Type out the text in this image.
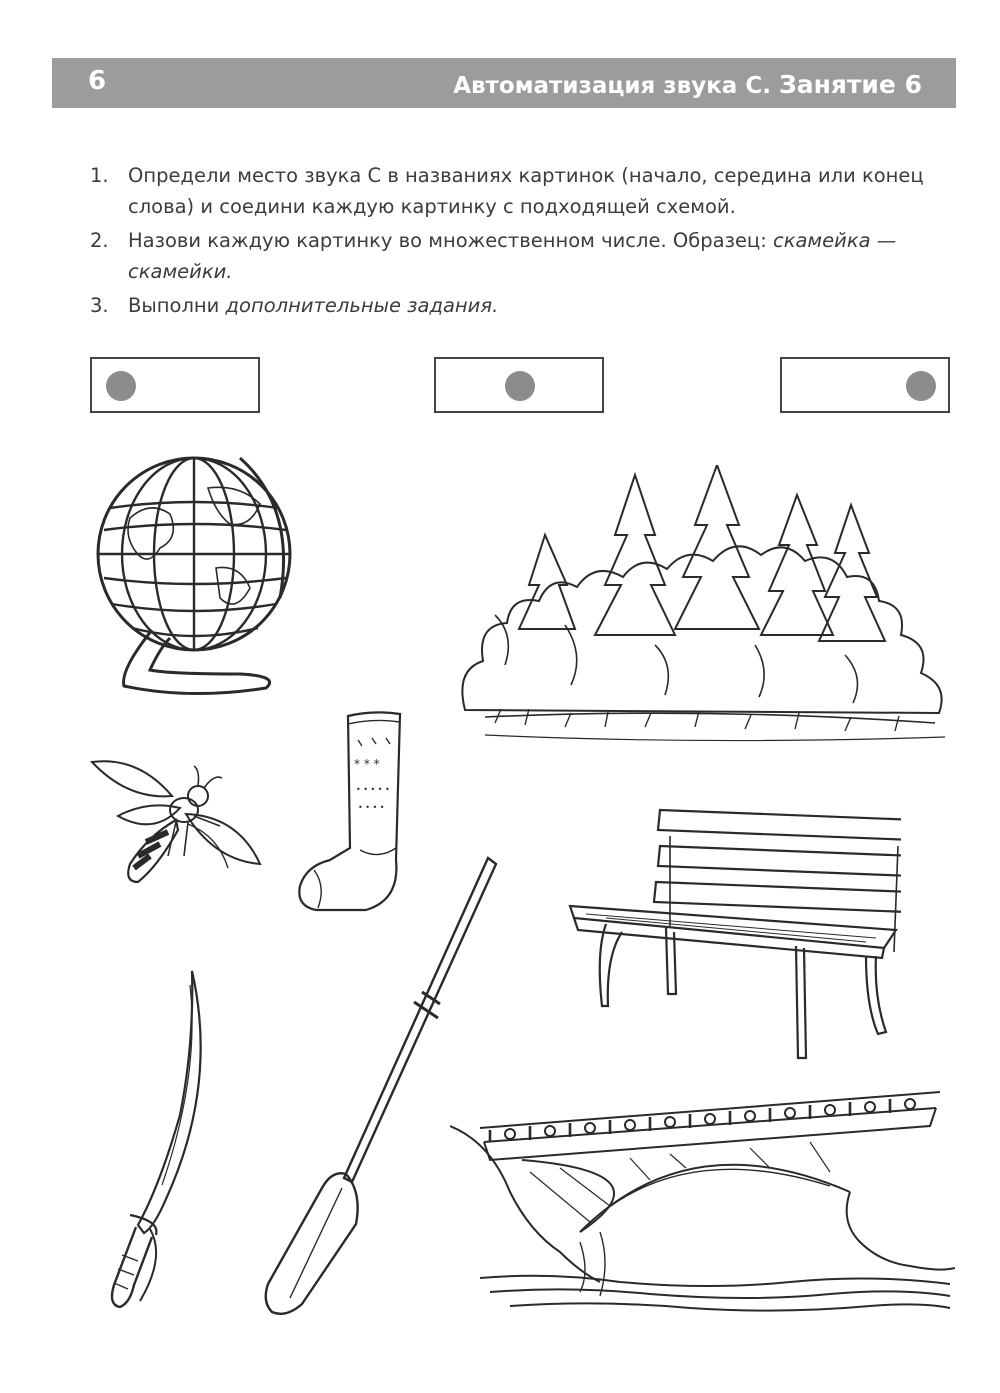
6	Автоматизация звука С. Занятие 6
1. Определи место звука С в названиях картинок (начало, середина или конец слова) и соедини каждую картинку с подходящей схемой.
2. Назови каждую картинку во множественном числе. Образец: скамейка — скамейки.
3. Выполни дополнительные задания.
* * *
• • • • •
• • • •
